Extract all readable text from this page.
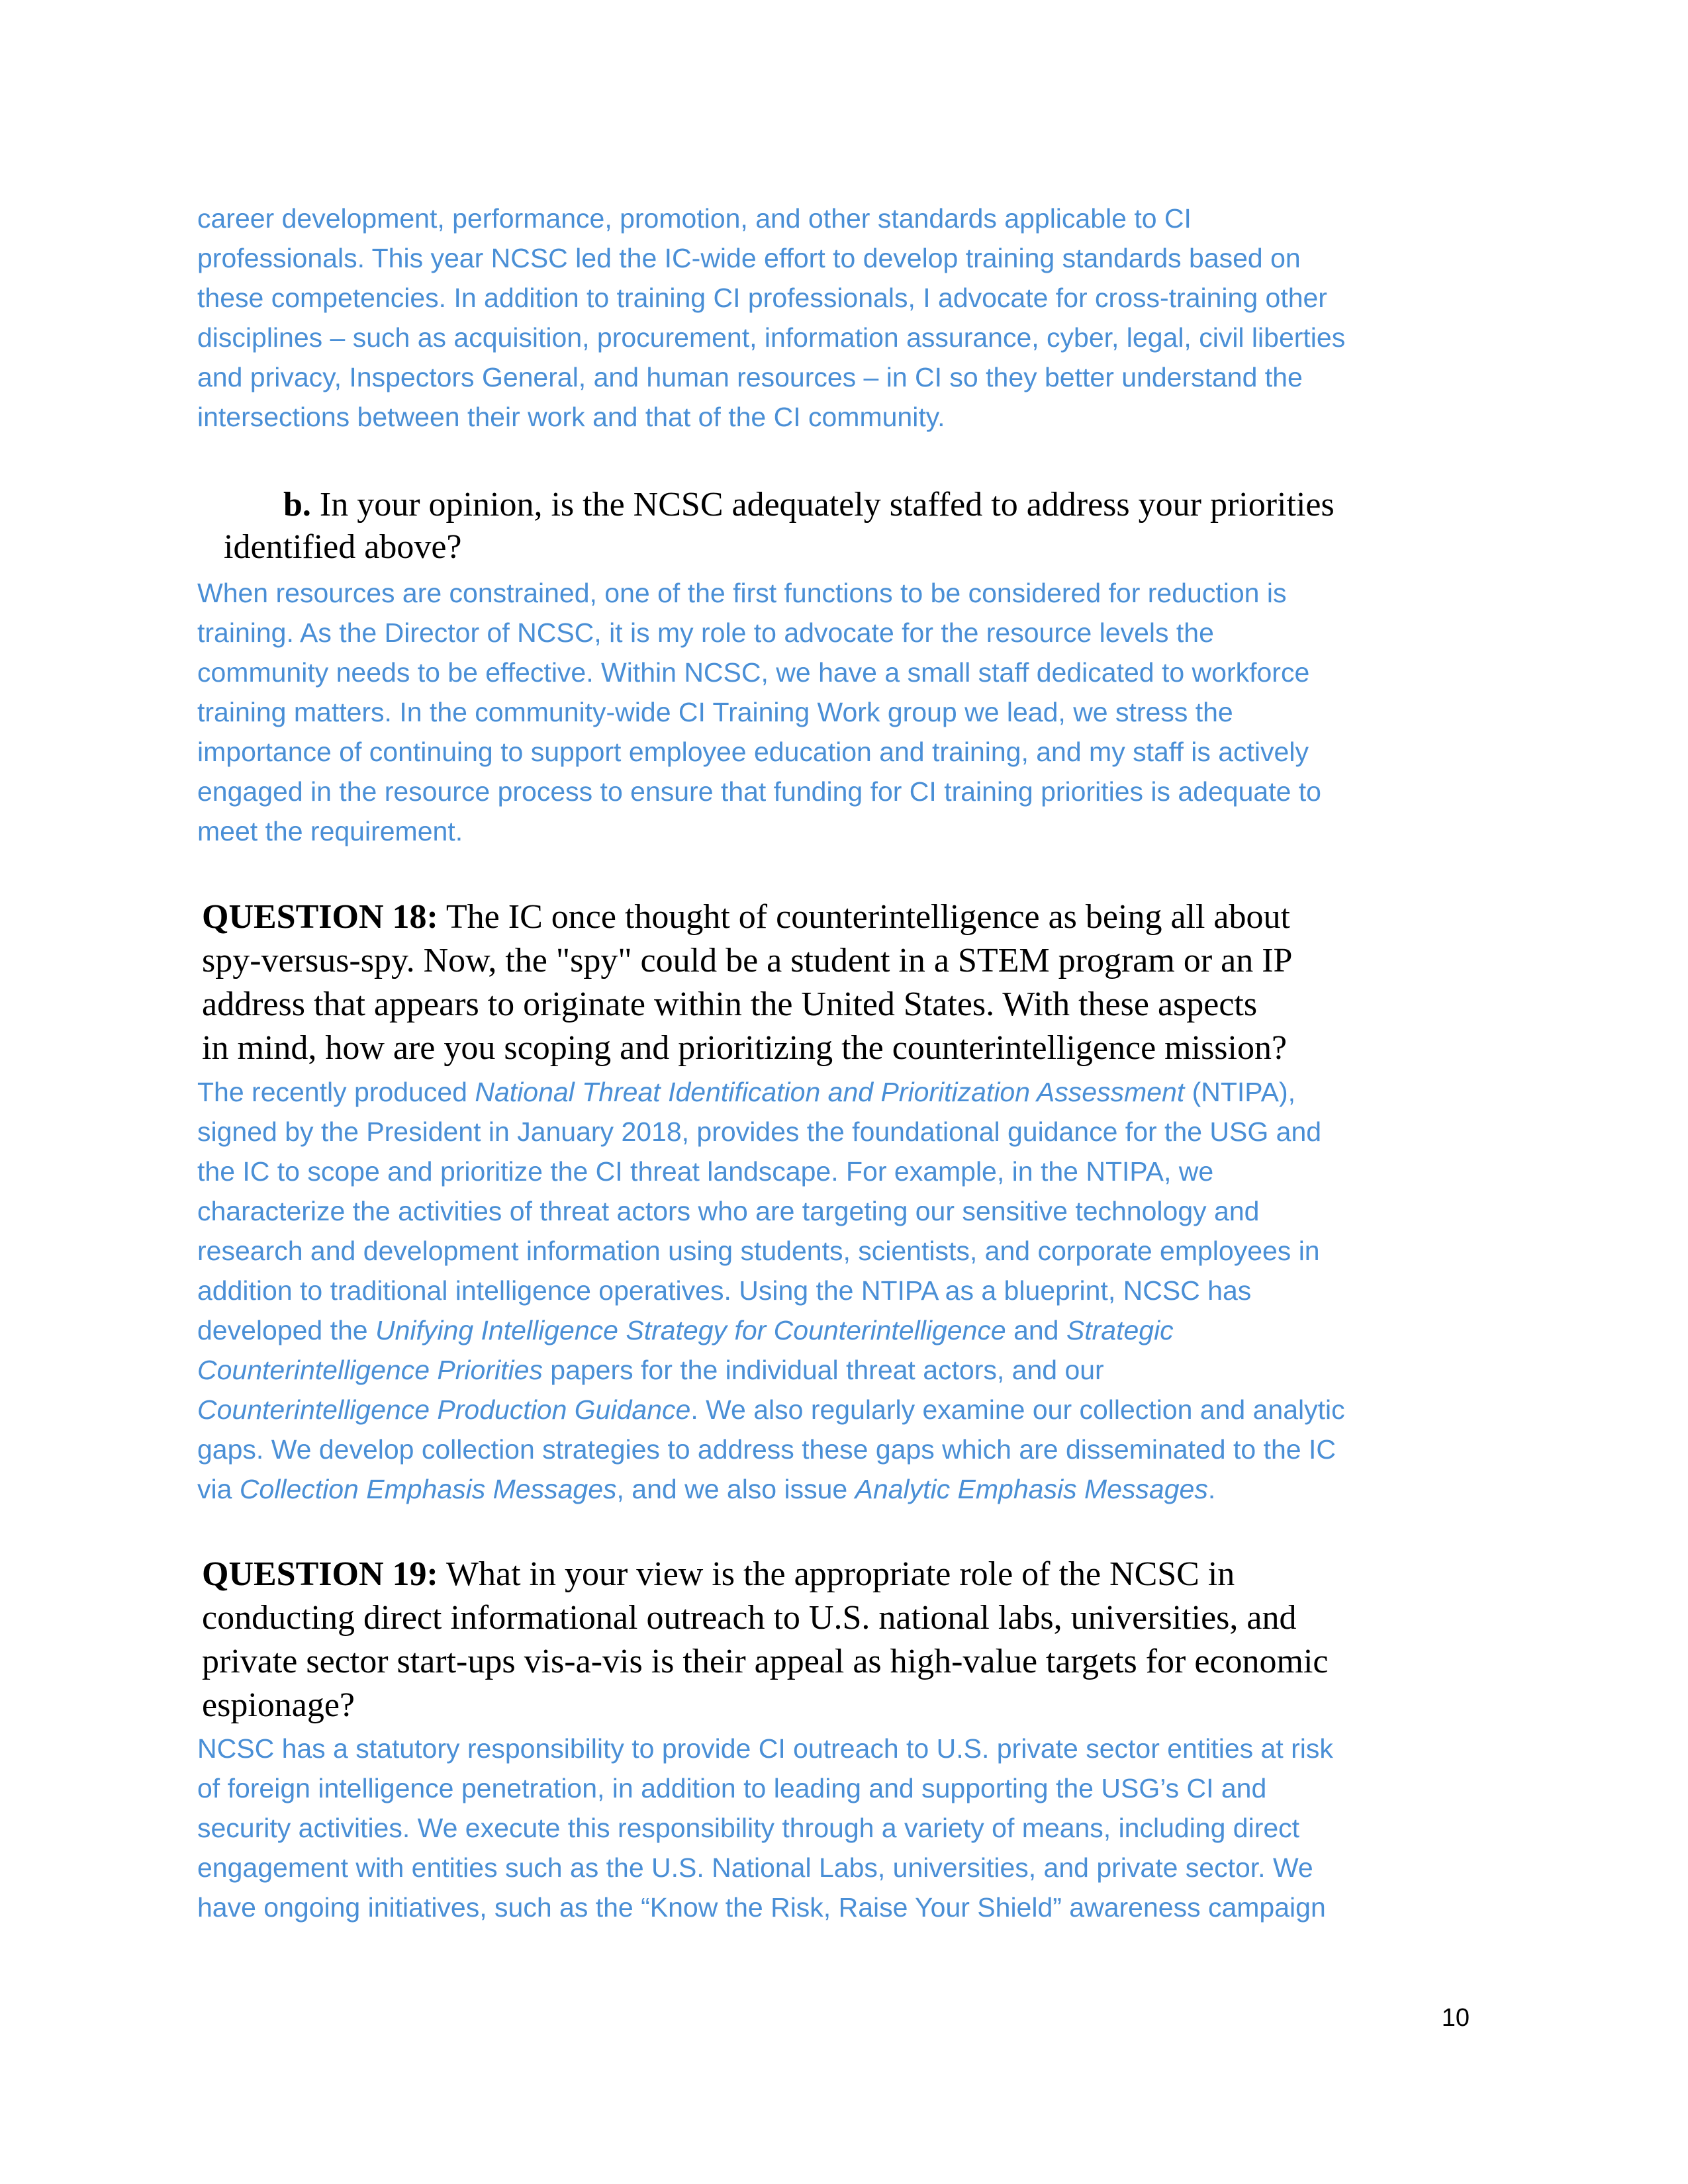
career development, performance, promotion, and other standards applicable to CI
professionals. This year NCSC led the IC-wide effort to develop training standards based on
these competencies. In addition to training CI professionals, I advocate for cross-training other
disciplines – such as acquisition, procurement, information assurance, cyber, legal, civil liberties
and privacy, Inspectors General, and human resources – in CI so they better understand the
intersections between their work and that of the CI community.
b. In your opinion, is the NCSC adequately staffed to address your priorities
identified above?
When resources are constrained, one of the first functions to be considered for reduction is
training. As the Director of NCSC, it is my role to advocate for the resource levels the
community needs to be effective. Within NCSC, we have a small staff dedicated to workforce
training matters. In the community-wide CI Training Work group we lead, we stress the
importance of continuing to support employee education and training, and my staff is actively
engaged in the resource process to ensure that funding for CI training priorities is adequate to
meet the requirement.
QUESTION 18: The IC once thought of counterintelligence as being all about
spy-versus-spy. Now, the "spy" could be a student in a STEM program or an IP
address that appears to originate within the United States. With these aspects
in mind, how are you scoping and prioritizing the counterintelligence mission?
The recently produced National Threat Identification and Prioritization Assessment (NTIPA),
signed by the President in January 2018, provides the foundational guidance for the USG and
the IC to scope and prioritize the CI threat landscape. For example, in the NTIPA, we
characterize the activities of threat actors who are targeting our sensitive technology and
research and development information using students, scientists, and corporate employees in
addition to traditional intelligence operatives. Using the NTIPA as a blueprint, NCSC has
developed the Unifying Intelligence Strategy for Counterintelligence and Strategic
Counterintelligence Priorities papers for the individual threat actors, and our
Counterintelligence Production Guidance. We also regularly examine our collection and analytic
gaps. We develop collection strategies to address these gaps which are disseminated to the IC
via Collection Emphasis Messages, and we also issue Analytic Emphasis Messages.
QUESTION 19: What in your view is the appropriate role of the NCSC in
conducting direct informational outreach to U.S. national labs, universities, and
private sector start-ups vis-a-vis is their appeal as high-value targets for economic
espionage?
NCSC has a statutory responsibility to provide CI outreach to U.S. private sector entities at risk
of foreign intelligence penetration, in addition to leading and supporting the USG’s CI and
security activities. We execute this responsibility through a variety of means, including direct
engagement with entities such as the U.S. National Labs, universities, and private sector. We
have ongoing initiatives, such as the “Know the Risk, Raise Your Shield” awareness campaign
10
